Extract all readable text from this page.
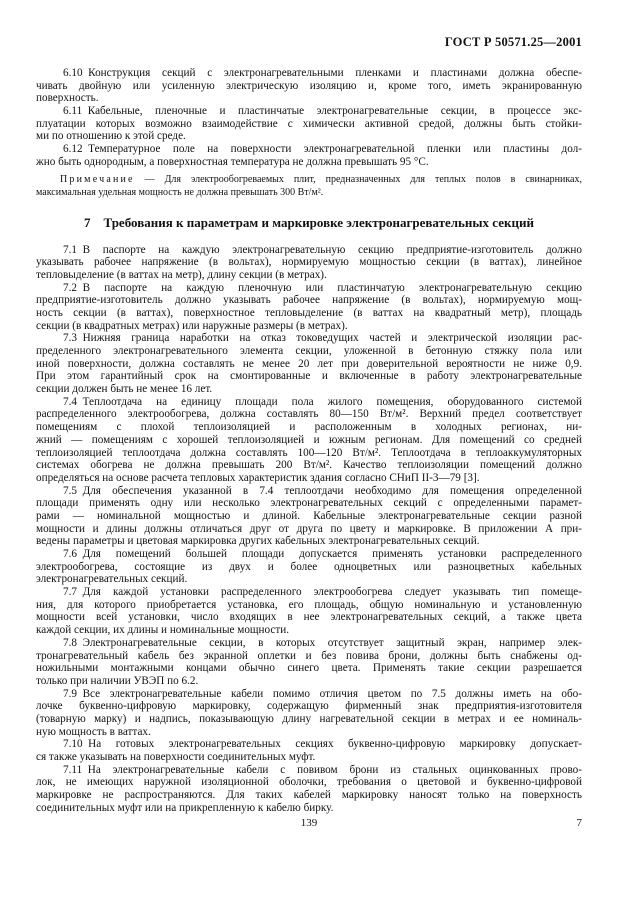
ГОСТ Р 50571.25—2001
6.10 Конструкция секций с электронагревательными пленками и пластинами должна обеспе-
чивать двойную или усиленную электрическую изоляцию и, кроме того, иметь экранированную
поверхность.
6.11 Кабельные, пленочные и пластинчатые электронагревательные секции, в процессе экс-
плуатации которых возможно взаимодействие с химически активной средой, должны быть стойки-
ми по отношению к этой среде.
6.12 Температурное поле на поверхности электронагревательной пленки или пластины дол-
жно быть однородным, а поверхностная температура не должна превышать 95 °С.
Примечание — Для электрообогреваемых плит, предназначенных для теплых полов в свинарниках,
максимальная удельная мощность не должна превышать 300 Вт/м².
7  Требования к параметрам и маркировке электронагревательных секций
7.1 В паспорте на каждую электронагревательную секцию предприятие-изготовитель должно
указывать рабочее напряжение (в вольтах), нормируемую мощностью секции (в ваттах), линейное
тепловыделение (в ваттах на метр), длину секции (в метрах).
7.2 В паспорте на каждую пленочную или пластинчатую электронагревательную секцию
предприятие-изготовитель должно указывать рабочее напряжение (в вольтах), нормируемую мощ-
ность секции (в ваттах), поверхностное тепловыделение (в ваттах на квадратный метр), площадь
секции (в квадратных метрах) или наружные размеры (в метрах).
7.3 Нижняя граница наработки на отказ токоведущих частей и электрической изоляции рас-
пределенного электронагревательного элемента секции, уложенной в бетонную стяжку пола или
иной поверхности, должна составлять не менее 20 лет при доверительной вероятности не ниже 0,9.
При этом гарантийный срок на смонтированные и включенные в работу электронагревательные
секции должен быть не менее 16 лет.
7.4 Теплоотдача на единицу площади пола жилого помещения, оборудованного системой
распределенного электрообогрева, должна составлять 80—150 Вт/м². Верхний предел соответствует
помещениям с плохой теплоизоляцией и расположенным в холодных регионах, ни-
жний — помещениям с хорошей теплоизоляцией и южным регионам. Для помещений со средней
теплоизоляцией теплоотдача должна составлять 100—120 Вт/м². Теплоотдача в теплоаккумуляторных
системах обогрева не должна превышать 200 Вт/м². Качество теплоизоляции помещений должно
определяться на основе расчета тепловых характеристик здания согласно СНиП II-3—79 [3].
7.5 Для обеспечения указанной в 7.4 теплоотдачи необходимо для помещения определенной
площади применять одну или несколько электронагревательных секций с определенными парамет-
рами — номинальной мощностью и длиной. Кабельные электронагревательные секции разной
мощности и длины должны отличаться друг от друга по цвету и маркировке. В приложении А при-
ведены параметры и цветовая маркировка других кабельных электронагревательных секций.
7.6 Для помещений большей площади допускается применять установки распределенного
электрообогрева, состоящие из двух и более одноцветных или разноцветных кабельных
электронагревательных секций.
7.7 Для каждой установки распределенного электрообогрева следует указывать тип помеще-
ния, для которого приобретается установка, его площадь, общую номинальную и установленную
мощности всей установки, число входящих в нее электронагревательных секций, а также цвета
каждой секции, их длины и номинальные мощности.
7.8 Электронагревательные секции, в которых отсутствует защитный экран, например элек-
тронагревательный кабель без экранной оплетки и без повива брони, должны быть снабжены од-
ножильными монтажными концами обычно синего цвета. Применять такие секции разрешается
только при наличии УВЭП по 6.2.
7.9 Все электронагревательные кабели помимо отличия цветом по 7.5 должны иметь на обо-
лочке буквенно-цифровую маркировку, содержащую фирменный знак предприятия-изготовителя
(товарную марку) и надпись, показывающую длину нагревательной секции в метрах и ее номиналь-
ную мощность в ваттах.
7.10 На готовых электронагревательных секциях буквенно-цифровую маркировку допускает-
ся также указывать на поверхности соединительных муфт.
7.11 На электронагревательные кабели с повивом брони из стальных оцинкованных прово-
лок, не имеющих наружной изоляционной оболочки, требования о цветовой и буквенно-цифровой
маркировке не распространяются. Для таких кабелей маркировку наносят только на поверхность
соединительных муфт или на прикрепленную к кабелю бирку.
139	7
